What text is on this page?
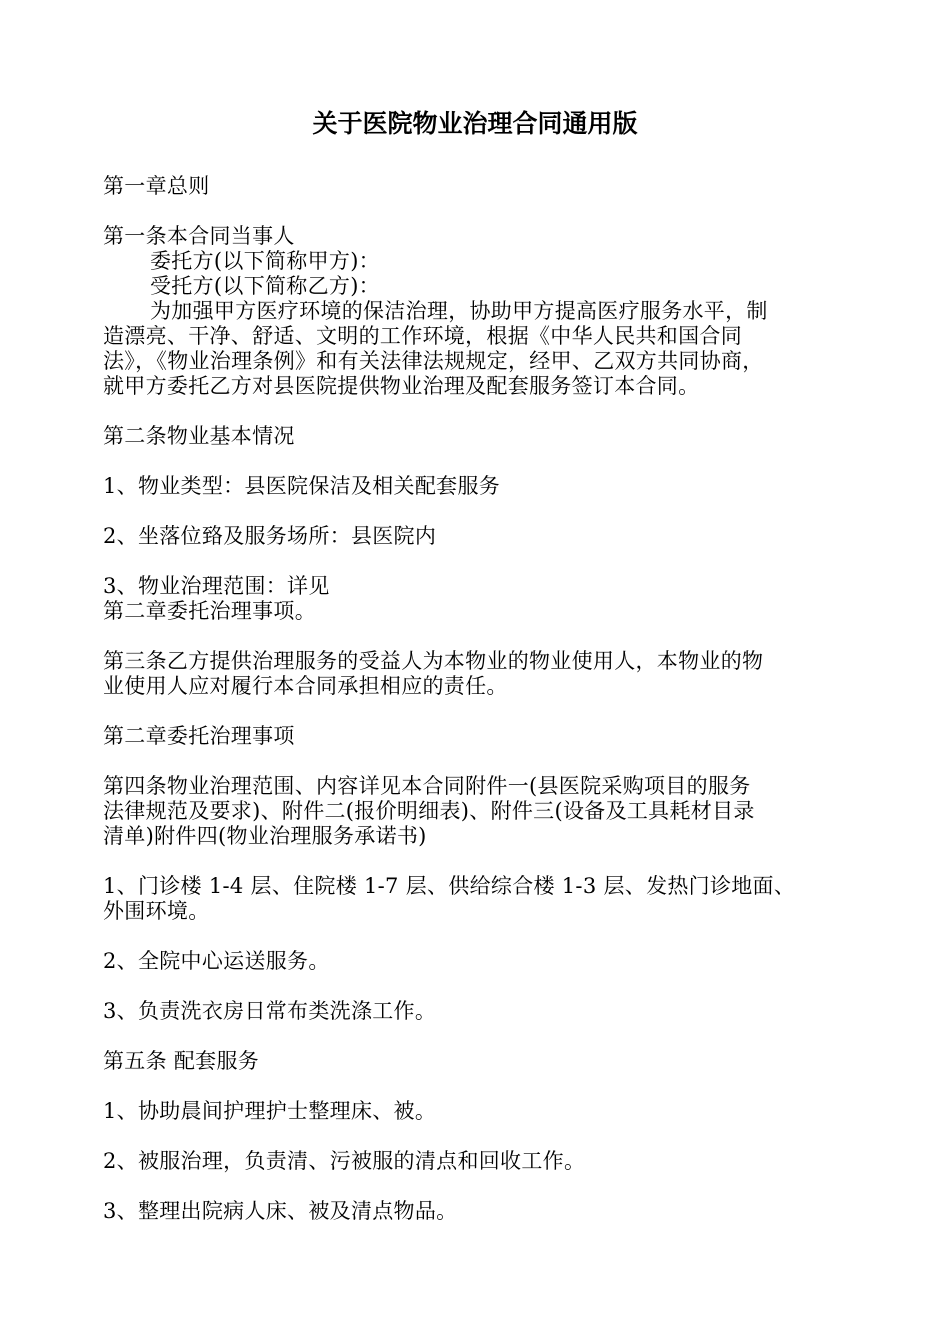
关于医院物业治理合同通用版
第一章总则
第一条本合同当事人
委托方(以下简称甲方)：
受托方(以下简称乙方)：
为加强甲方医疗环境的保洁治理，协助甲方提高医疗服务水平，制
造漂亮、干净、舒适、文明的工作环境，根据《中华人民共和国合同
法》，《物业治理条例》和有关法律法规规定，经甲、乙双方共同协商，
就甲方委托乙方对县医院提供物业治理及配套服务签订本合同。
第二条物业基本情况
1、物业类型：县医院保洁及相关配套服务
2、坐落位臵及服务场所：县医院内
3、物业治理范围：详见
第二章委托治理事项。
第三条乙方提供治理服务的受益人为本物业的物业使用人，本物业的物
业使用人应对履行本合同承担相应的责任。
第二章委托治理事项
第四条物业治理范围、内容详见本合同附件一(县医院采购项目的服务
法律规范及要求)、附件二(报价明细表)、附件三(设备及工具耗材目录
清单)附件四(物业治理服务承诺书)
1、门诊楼 1-4 层、住院楼 1-7 层、供给综合楼 1-3 层、发热门诊地面、
外围环境。
2、全院中心运送服务。
3、负责洗衣房日常布类洗涤工作。
第五条 配套服务
1、协助晨间护理护士整理床、被。
2、被服治理，负责清、污被服的清点和回收工作。
3、整理出院病人床、被及清点物品。
